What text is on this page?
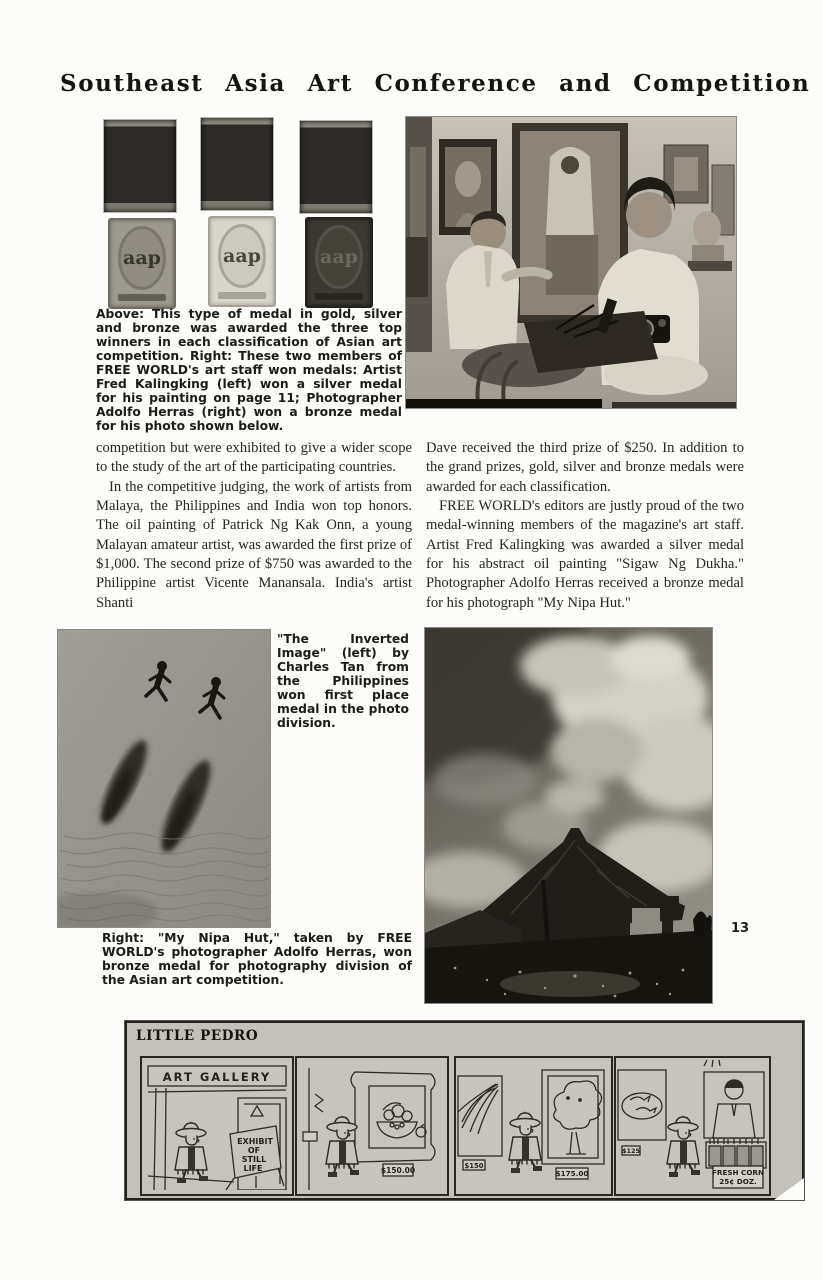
Southeast Asia Art Conference and Competition
aap	aap	aap
Above: This type of medal in gold, silver and bronze was awarded the three top winners in each classification of Asian art competition. Right: These two members of FREE WORLD's art staff won medals: Artist Fred Kalingking (left) won a silver medal for his painting on page 11; Photographer Adolfo Herras (right) won a bronze medal for his photo shown below.

competition but were exhibited to give a wider scope to the study of the art of the participating countries.

In the competitive judging, the work of artists from Malaya, the Philippines and India won top honors. The oil painting of Patrick Ng Kak Onn, a young Malayan amateur artist, was awarded the first prize of $1,000. The second prize of $750 was awarded to the Philippine artist Vicente Manansala. India's artist Shanti

Dave received the third prize of $250. In addition to the grand prizes, gold, silver and bronze medals were awarded for each classification.

FREE WORLD's editors are justly proud of the two medal-winning members of the magazine's art staff. Artist Fred Kalingking was awarded a silver medal for his abstract oil painting "Sigaw Ng Dukha." Photographer Adolfo Herras received a bronze medal for his photograph "My Nipa Hut."

"The Inverted Image" (left) by Charles Tan from the Philippines won first place medal in the photo division.
13
Right: "My Nipa Hut," taken by FREE WORLD's photographer Adolfo Herras, won bronze medal for photography division of the Asian art competition.
LITTLE PEDRO
ART GALLERY
EXHIBIT
OF
STILL
LIFE	$150.00	$150
$175.00
$125
FRESH CORN
25¢ DOZ.
